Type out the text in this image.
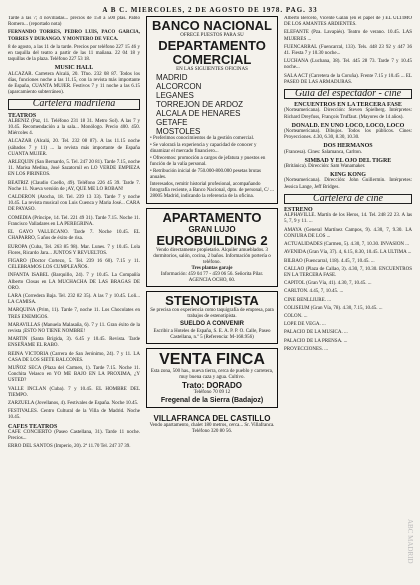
A B C. MIERCOLES, 2 DE AGOSTO DE 1978. PAG. 33

Tarde a las 7; 4 novilladas... precios de 150 a 500 ptas. Pablo Romero... (reportado nota)

FERNANDO TORRES, PEDRO LUIS, PACO GARCIA, TORRES Y DURANGO. Y MONTERO DE VECA.

8 de agosto, a las 11 de la tarde. Precios por teléfono 227 15 46 y en taquilla del teatro a partir de las 11 mañana. 22 04 18 y taquillas de la plaza. Teléfono 227 53 18.

MUSIC HALL

ALCAZAR. Carretera Alcalá, 20. Tfno. 232 08 87. Todos los días, funciones noche a las 11.15, con la revista más importante de España, CUANTA MUJER. Festivos 7 y 11 noche a las 6.15 (aparcamiento subterráneo).

Cartelera madrileña
TEATROS

ALBENIZ (Paz, 11. Teléfono 231 18 31. Metro Sol). A las 7 y 10.45. Recomendación a la sala... Monólogo. Precio 400. 450. Miércoles 4.

ALCAZAR (Alcalá, 20. Tel. 232 08 87). A las 11.15 noche (sábados 7 y 11) ... la revista más importante de España CUANTA MUJER.

ARLEQUIN (San Bernardo, 5. Tel. 247 20 81). Tarde 7.15, noche 11. Marisa Medina, José Sazatornil en LO VERDE EMPIEZA EN LOS PIRINEOS.

BEATRIZ (Claudio Coello, 49). Teléfono 226 45 39. Tarde 7. Noche 11. Nueva versión de ¡AY, QUE ME LO ROBAN!

CALDERON (Atocha, 18. Tel. 239 13 33). Tarde 7 y noche 10.45. La revista musical con Luis Cuenca y Maria José... CARA DE PAYASO.

COMEDIA (Príncipe, 14. Tel. 221 49 31). Tarde 7.15. Noche 11. Francisco Valladares en LA PEREGRINA.

EL GAYO VALLECANO. Tarde 7. Noche 10.45. EL CHAPARRO, 5 años de éxito de risa.

EUROPA (Cuba, Tel. 263 85 98). Mar. Lunes. 7 y 10.45. Lola Flores, Ricardo Jara... JUNTOS Y REVUELTOS.

FIGARO (Doctor Cortezo, 5. Tel. 239 16 60). 7.15 y 11. CELEBRAMOS LOS CUMPLEAÑOS.

INFANTA ISABEL (Barquillo, 24). 7 y 10.45. La Compañía Alberto Closas en LA MUCHACHA DE LAS BRAGAS DE ORO.

LARA (Corredera Baja. Tel. 232 82 35). A las 7 y 10.45. Loli... LA CAMISA.

MARQUINA (Prim, 11). Tarde 7, noche 11. Los Chocolates en TRES ENEMIGOS.

MARAVILLAS (Manuela Malasaña, 6). 7 y 11. Gran éxito de la revista ¡ESTO NO TIENE NOMBRE!

MARTIN (Santa Brígida, 3). 6.45 y 10.45. Revista. Tarde ENSEÑAME EL RABO.

REINA VICTORIA (Carrera de San Jerónimo, 24). 7 y 11. LA CASA DE LOS SIETE BALCONES.

MUÑOZ SECA (Plaza del Carmen, 1). Tarde 7.15. Noche 11. Conchita Velasco en YO ME BAJO EN LA PROXIMA, ¿Y USTED?

VALLE INCLAN (Cuba). 7 y 10.45. EL HOMBRE DEL TIEMPO.

ZARZUELA (Jovellanos, 4). Festivales de España. Noche 10.45.

FESTIVALES. Centro Cultural de la Villa de Madrid. Noche 10.45.

CAFES TEATROS

CAFE CONCIERTO (Paseo Castellana, 31). Tarde 11 noche. Precios...

ERRO DEL SANTOS (Imperio, 20). 2ª 11.70 Tel. 247 37 39.

BANCO NACIONAL
OFRECE PUESTOS PARA SU
DEPARTAMENTO COMERCIAL
EN LAS SIGUIENTES OFICINAS
MADRID
ALCORCON
LEGANES
TORREJON DE ARDOZ
ALCALA DE HENARES
GETAFE
MOSTOLES
• Preferimos conocimientos de la gestión comercial.
• Se valorará la experiencia y capacidad de conocer y dinamizar el mercado financiero...
• Ofrecemos: promoción a cargos de jefatura y puestos en función de la valía personal.
• Retribución inicial de 750.000-800.000 pesetas brutas anuales.
Interesados, remitir historial profesional, acompañando fotografía reciente, a Banco Nacional, dpto. de personal, C/ ... 28005 Madrid, indicando la referencia de la oficina.
APARTAMENTO
GRAN LUJO
EUROBUILDING 2
Vendo directamente propietario. Alquiler amueblados. 3 dormitorios, salón, cocina, 2 baños. Información portería o teléfono.
Tres plantas garaje
Información: 459 04 77 - 459 06 56. Señorita Pilar. AGENCIA OCHO, 60.
STENOTIPISTA
Se precisa con experiencia como taquigrafía de empresa, para trabajos de estenotipista.
SUELDO A CONVENIR
Escribir a Hoteles de España, S. E. A. P. P. O. Calle, Paseo Castellana, n.º 5 (Referencia: M-168.956)
VENTA FINCA
Esta zona, 500 has., nueva tierra, cerca de pueblo y carretera, muy buena caza y agua. Cultivo.
Trato: DORADO
Teléfono 70 09 12
Fregenal de la Sierra (Badajoz)
VILLAFRANCA DEL CASTILLO
Vendo apartamento, chalet 180 metros, cerca... Sr. Villafranca. Teléfono 320 80 56.

Alberto Berceló, Vicente Galán (en el papel de ) EL ULTIMO DE LOS AMANTES ARDIENTES.

ELEFANTE (Pza. Lavapiés). Teatro de verano. 10.45. LAS MUJERES ...

FUENCARRAL (Fuencarral, 133). Tels. 448 23 92 y 447 36 41. Fiesta 7 y 10.30 noche...

LUCHANA (Luchana, 38). Tel. 445 28 73. Tarde 7 y 10.45 noche...

SALA ACT (Carretera de la Coruña). Frente 7.15 y 10.45 ... EL PASEO DE LAS ARMADURAS.

Guía del espectador - cine
ENCUENTROS EN LA TERCERA FASE

(Norteamericana). Dirección: Steven Spielberg. Intérpretes: Richard Dreyfuss, François Truffaut. (Mayores de 14 años).

DONALD. EN UNO LOCO, LOCO, LOCO

(Norteamericana). Dibujos. Todos los públicos. Cines: Proyecciones. 4.30, 6.30, 8.30, 10.30.

DOS HERMANOS

(Francesa). Cines: Salamanca, Carlton.

SIMBAD Y EL OJO DEL TIGRE

(Británica). Dirección: Sam Wanamaker.

KING KONG

(Norteamericana). Dirección: John Guillermin. Intérpretes: Jessica Lange, Jeff Bridges.

Cartelera de cine
ESTRENO

ALPHAVILLE. Martín de los Heros, 14. Tel. 248 22 23. A las 5, 7, 9 y 11. ...

AMAYA (General Martínez Campos, 9). 4.30, 7, 9.30. LA CONJURA DE LOS ...

ACTUALIDADES (Carmen, 5). 4.30, 7, 10.30. INVASION ...

AVENIDA (Gran Vía, 37). 4, 6.15, 8.30, 10.45. LA ULTIMA ...

BILBAO (Fuencarral, 118). 4.45, 7, 10.45. ...

CALLAO (Plaza de Callao, 3). 4.30, 7, 10.30. ENCUENTROS EN LA TERCERA FASE.

CAPITOL (Gran Vía, 41). 4.30, 7, 10.45. ...

CARLTON. 4.45, 7, 10.45. ...

CINE BENLLIURE. ...

COLISEUM (Gran Vía, 78). 4.30, 7.15, 10.45. ...

COLON. ...

LOPE DE VEGA. ...

PALACIO DE LA MUSICA. ...

PALACIO DE LA PRENSA. ...

PROYECCIONES. ...

ABC MADRID
